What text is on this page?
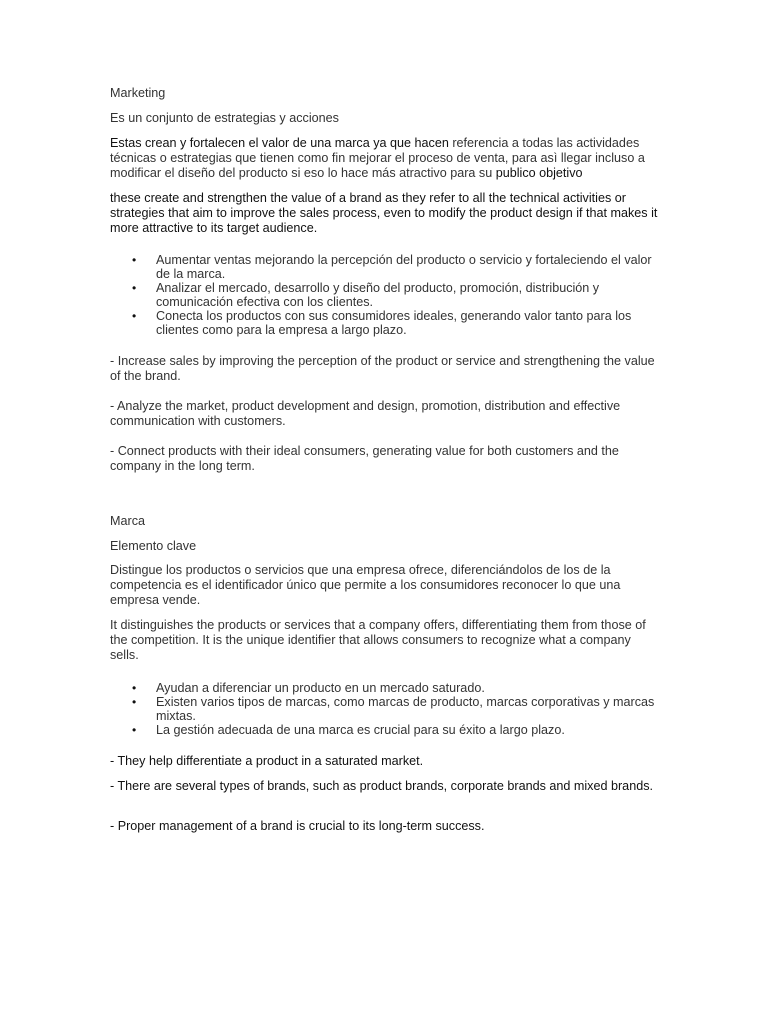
Marketing

Es un conjunto de estrategias y acciones

Estas crean y fortalecen el valor de una marca ya que hacen referencia a todas las actividades técnicas o estrategias que tienen como fin mejorar el proceso de venta, para asì llegar incluso a modificar el diseño del producto si eso lo hace más atractivo para su publico objetivo

these create and strengthen the value of a brand as they refer to all the technical activities or strategies that aim to improve the sales process, even to modify the product design if that makes it more attractive to its target audience.

• Aumentar ventas mejorando la percepción del producto o servicio y fortaleciendo el valor de la marca.
• Analizar el mercado, desarrollo y diseño del producto, promoción, distribución y comunicación efectiva con los clientes.
• Conecta los productos con sus consumidores ideales, generando valor tanto para los clientes como para la empresa a largo plazo.

- Increase sales by improving the perception of the product or service and strengthening the value of the brand.

- Analyze the market, product development and design, promotion, distribution and effective communication with customers.

- Connect products with their ideal consumers, generating value for both customers and the company in the long term.

Marca

Elemento clave

Distingue los productos o servicios que una empresa ofrece, diferenciándolos de los de la competencia es el identificador único que permite a los consumidores reconocer lo que una empresa vende.

It distinguishes the products or services that a company offers, differentiating them from those of the competition. It is the unique identifier that allows consumers to recognize what a company sells.

• Ayudan a diferenciar un producto en un mercado saturado.
• Existen varios tipos de marcas, como marcas de producto, marcas corporativas y marcas mixtas.
• La gestión adecuada de una marca es crucial para su éxito a largo plazo.

- They help differentiate a product in a saturated market.

- There are several types of brands, such as product brands, corporate brands and mixed brands.

- Proper management of a brand is crucial to its long-term success.
